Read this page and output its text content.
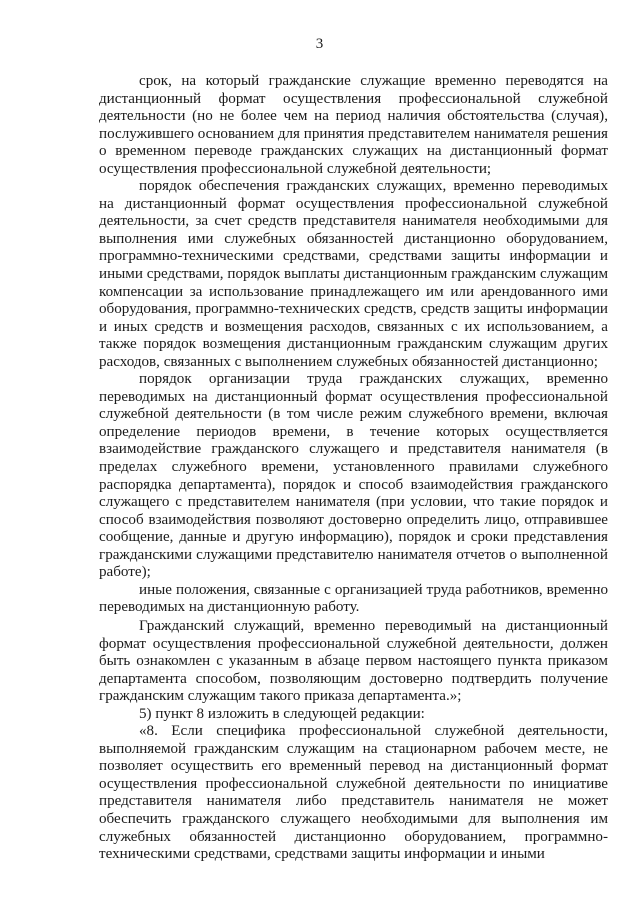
3

срок, на который гражданские служащие временно переводятся на дистанционный формат осуществления профессиональной служебной деятельности (но не более чем на период наличия обстоятельства (случая), послужившего основанием для принятия представителем нанимателя решения о временном переводе гражданских служащих на дистанционный формат осуществления профессиональной служебной деятельности;

порядок обеспечения гражданских служащих, временно переводимых на дистанционный формат осуществления профессиональной служебной деятельности, за счет средств представителя нанимателя необходимыми для выполнения ими служебных обязанностей дистанционно оборудованием, программно-техническими средствами, средствами защиты информации и иными средствами, порядок выплаты дистанционным гражданским служащим компенсации за использование принадлежащего им или арендованного ими оборудования, программно-технических средств, средств защиты информации и иных средств и возмещения расходов, связанных с их использованием, а также порядок возмещения дистанционным гражданским служащим других расходов, связанных с выполнением служебных обязанностей дистанционно;

порядок организации труда гражданских служащих, временно переводимых на дистанционный формат осуществления профессиональной служебной деятельности (в том числе режим служебного времени, включая определение периодов времени, в течение которых осуществляется взаимодействие гражданского служащего и представителя нанимателя (в пределах служебного времени, установленного правилами служебного распорядка департамента), порядок и способ взаимодействия гражданского служащего с представителем нанимателя (при условии, что такие порядок и способ взаимодействия позволяют достоверно определить лицо, отправившее сообщение, данные и другую информацию), порядок и сроки представления гражданскими служащими представителю нанимателя отчетов о выполненной работе);

иные положения, связанные с организацией труда работников, временно переводимых на дистанционную работу.

Гражданский служащий, временно переводимый на дистанционный формат осуществления профессиональной служебной деятельности, должен быть ознакомлен с указанным в абзаце первом настоящего пункта приказом департамента способом, позволяющим достоверно подтвердить получение гражданским служащим такого приказа департамента.»;

5) пункт 8 изложить в следующей редакции:

«8. Если специфика профессиональной служебной деятельности, выполняемой гражданским служащим на стационарном рабочем месте, не позволяет осуществить его временный перевод на дистанционный формат осуществления профессиональной служебной деятельности по инициативе представителя нанимателя либо представитель нанимателя не может обеспечить гражданского служащего необходимыми для выполнения им служебных обязанностей дистанционно оборудованием, программно-техническими средствами, средствами защиты информации и иными
